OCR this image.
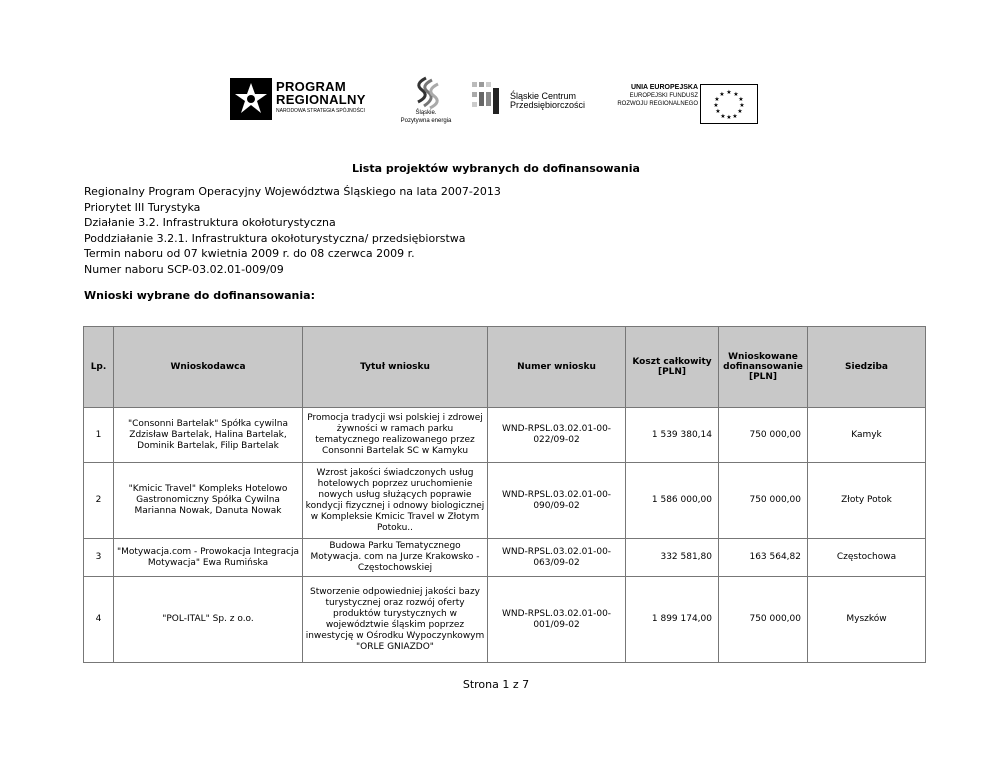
PROGRAM
REGIONALNY
NARODOWA STRATEGIA SPÓJNOŚCI	Śląskie.
Pozytywna energia
Śląskie Centrum
Przedsiębiorczości
UNIA EUROPEJSKA
EUROPEJSKI FUNDUSZ
ROZWOJU REGIONALNEGO
★ ★
★
★
★
★
★
★
★
★
★
★
Lista projektów wybranych do dofinansowania
Regionalny Program Operacyjny Województwa Śląskiego na lata 2007-2013
Priorytet III Turystyka
Działanie 3.2. Infrastruktura okołoturystyczna
Poddziałanie 3.2.1. Infrastruktura okołoturystyczna/ przedsiębiorstwa
Termin naboru od 07 kwietnia 2009 r. do 08 czerwca 2009 r.
Numer naboru SCP-03.02.01-009/09
Wnioski wybrane do dofinansowania:
Lp.	Wnioskodawca	Tytuł wniosku	Numer wniosku	Koszt całkowity [PLN]	Wnioskowane dofinansowanie [PLN]	Siedziba
1	"Consonni Bartelak" Spółka cywilna Zdzisław Bartelak, Halina Bartelak, Dominik Bartelak, Filip Bartelak	Promocja tradycji wsi polskiej i zdrowej żywności w ramach parku tematycznego realizowanego przez Consonni Bartelak SC w Kamyku	WND-RPSL.03.02.01-00-022/09-02	1 539 380,14	750 000,00	Kamyk
2	"Kmicic Travel" Kompleks Hotelowo Gastronomiczny Spółka Cywilna Marianna Nowak, Danuta Nowak	Wzrost jakości świadczonych usług hotelowych poprzez uruchomienie nowych usług służących poprawie kondycji fizycznej i odnowy biologicznej w Kompleksie Kmicic Travel w Złotym Potoku..	WND-RPSL.03.02.01-00-090/09-02	1 586 000,00	750 000,00	Złoty Potok
3	"Motywacja.com - Prowokacja Integracja Motywacja" Ewa Rumińska	Budowa Parku Tematycznego Motywacja. com na Jurze Krakowsko - Częstochowskiej	WND-RPSL.03.02.01-00-063/09-02	332 581,80	163 564,82	Częstochowa
4	"POL-ITAL" Sp. z o.o.	Stworzenie odpowiedniej jakości bazy turystycznej oraz rozwój oferty produktów turystycznych w województwie śląskim poprzez inwestycję w Ośrodku Wypoczynkowym "ORLE GNIAZDO"	WND-RPSL.03.02.01-00-001/09-02	1 899 174,00	750 000,00	Myszków
Strona 1 z 7
